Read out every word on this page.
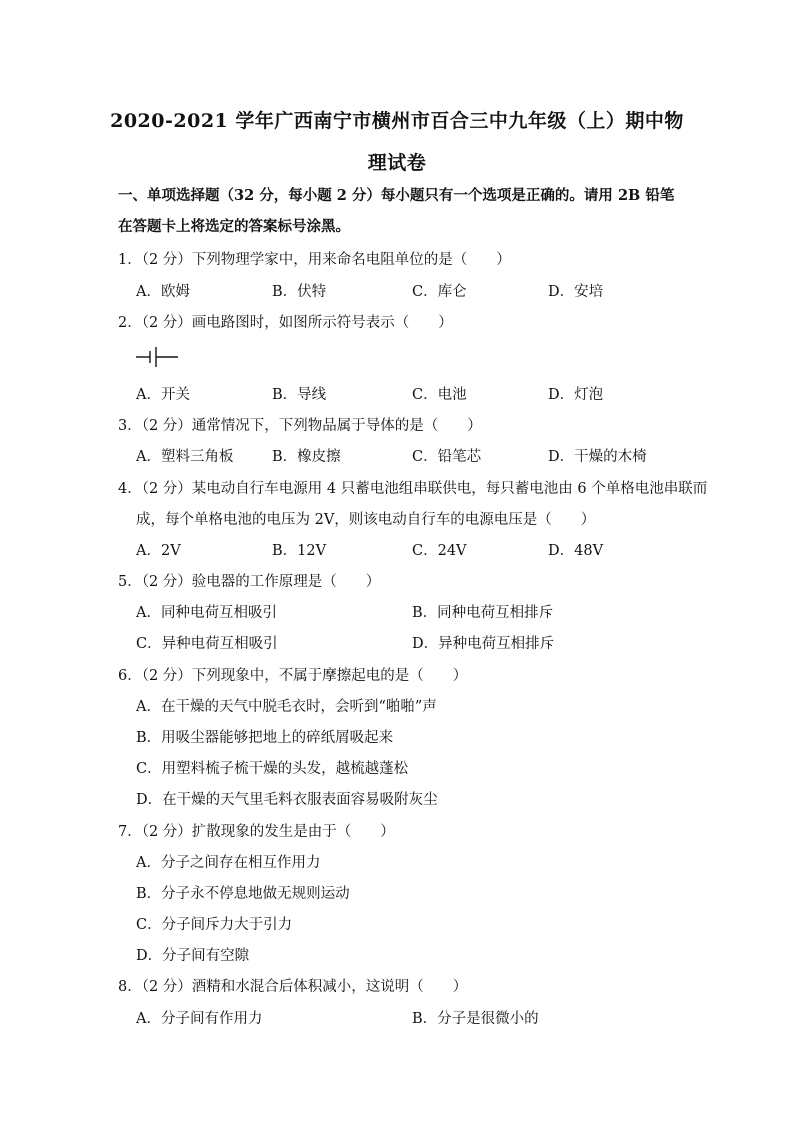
2020-2021 学年广西南宁市横州市百合三中九年级（上）期中物
理试卷
一、单项选择题（32 分，每小题 2 分）每小题只有一个选项是正确的。请用 2B 铅笔在答题卡上将选定的答案标号涂黑。
1．（2 分）下列物理学家中，用来命名电阻单位的是（　　）
A．欧姆	B．伏特	C．库仑	D．安培
2．（2 分）画电路图时，如图所示符号表示（　　）
A．开关	B．导线	C．电池	D．灯泡
3．（2 分）通常情况下，下列物品属于导体的是（　　）
A．塑料三角板	B．橡皮擦	C．铅笔芯	D．干燥的木椅
4．（2 分）某电动自行车电源用 4 只蓄电池组串联供电，每只蓄电池由 6 个单格电池串联而
成，每个单格电池的电压为 2V，则该电动自行车的电源电压是（　　）
A．2V	B．12V	C．24V	D．48V
5．（2 分）验电器的工作原理是（　　）
A．同种电荷互相吸引	B．同种电荷互相排斥
C．异种电荷互相吸引	D．异种电荷互相排斥
6．（2 分）下列现象中，不属于摩擦起电的是（　　）
A．在干燥的天气中脱毛衣时，会听到“啪啪”声
B．用吸尘器能够把地上的碎纸屑吸起来
C．用塑料梳子梳干燥的头发，越梳越蓬松
D．在干燥的天气里毛料衣服表面容易吸附灰尘
7．（2 分）扩散现象的发生是由于（　　）
A．分子之间存在相互作用力
B．分子永不停息地做无规则运动
C．分子间斥力大于引力
D．分子间有空隙
8．（2 分）酒精和水混合后体积减小，这说明（　　）
A．分子间有作用力	B．分子是很微小的
